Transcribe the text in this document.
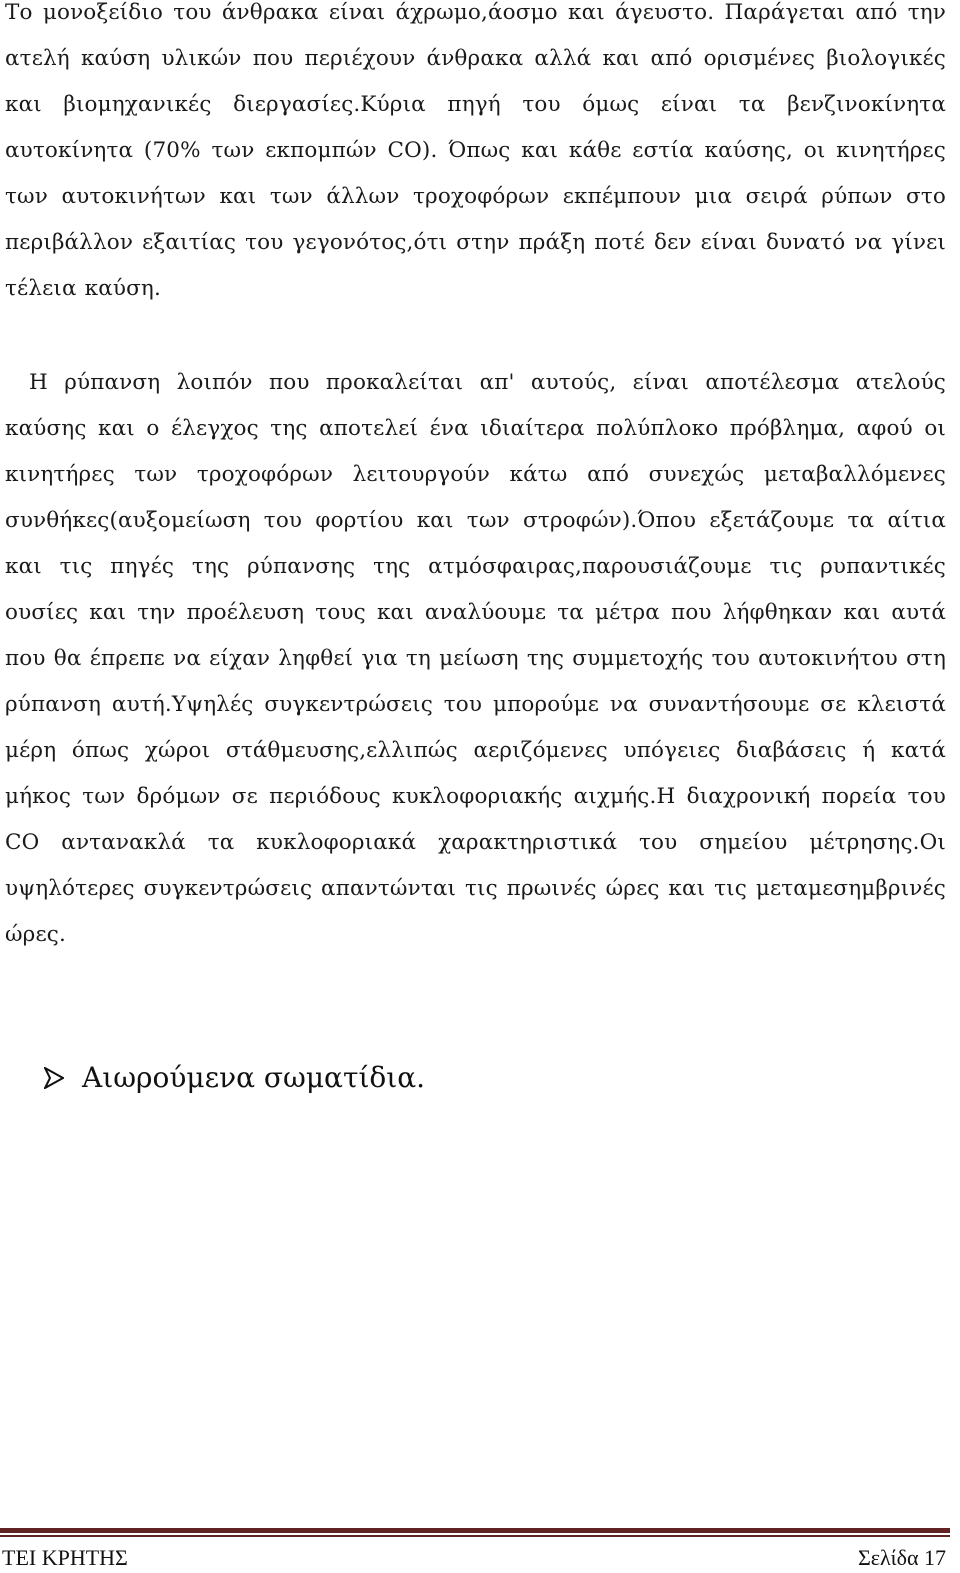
Το μονοξείδιο του άνθρακα είναι άχρωμο,άοσμο και άγευστο. Παράγεται από την ατελή καύση υλικών που περιέχουν άνθρακα αλλά και από ορισμένες βιολογικές και βιομηχανικές διεργασίες.Κύρια πηγή του όμως είναι τα βενζινοκίνητα αυτοκίνητα (70% των εκπομπών CO). Όπως και κάθε εστία καύσης, οι κινητήρες των αυτοκινήτων και των άλλων τροχοφόρων εκπέμπουν μια σειρά ρύπων στο περιβάλλον εξαιτίας του γεγονότος,ότι στην πράξη ποτέ δεν είναι δυνατό να γίνει τέλεια καύση.

Η ρύπανση λοιπόν που προκαλείται απ' αυτούς, είναι αποτέλεσμα ατελούς καύσης και ο έλεγχος της αποτελεί ένα ιδιαίτερα πολύπλοκο πρόβλημα, αφού οι κινητήρες των τροχοφόρων λειτουργούν κάτω από συνεχώς μεταβαλλόμενες συνθήκες(αυξομείωση του φορτίου και των στροφών).Όπου εξετάζουμε τα αίτια και τις πηγές της ρύπανσης της ατμόσφαιρας,παρουσιάζουμε τις ρυπαντικές ουσίες και την προέλευση τους και αναλύουμε τα μέτρα που λήφθηκαν και αυτά που θα έπρεπε να είχαν ληφθεί για τη μείωση της συμμετοχής του αυτοκινήτου στη ρύπανση αυτή.Υψηλές συγκεντρώσεις του μπορούμε να συναντήσουμε σε κλειστά μέρη όπως χώροι στάθμευσης,ελλιπώς αεριζόμενες υπόγειες διαβάσεις ή κατά μήκος των δρόμων σε περιόδους κυκλοφοριακής αιχμής.Η διαχρονική πορεία του CO αντανακλά τα κυκλοφοριακά χαρακτηριστικά του σημείου μέτρησης.Οι υψηλότερες συγκεντρώσεις απαντώνται τις πρωινές ώρες και τις μεταμεσημβρινές ώρες.

Αιωρούμενα σωματίδια.
ΤΕΙ ΚΡΗΤΗΣ	Σελίδα 17
